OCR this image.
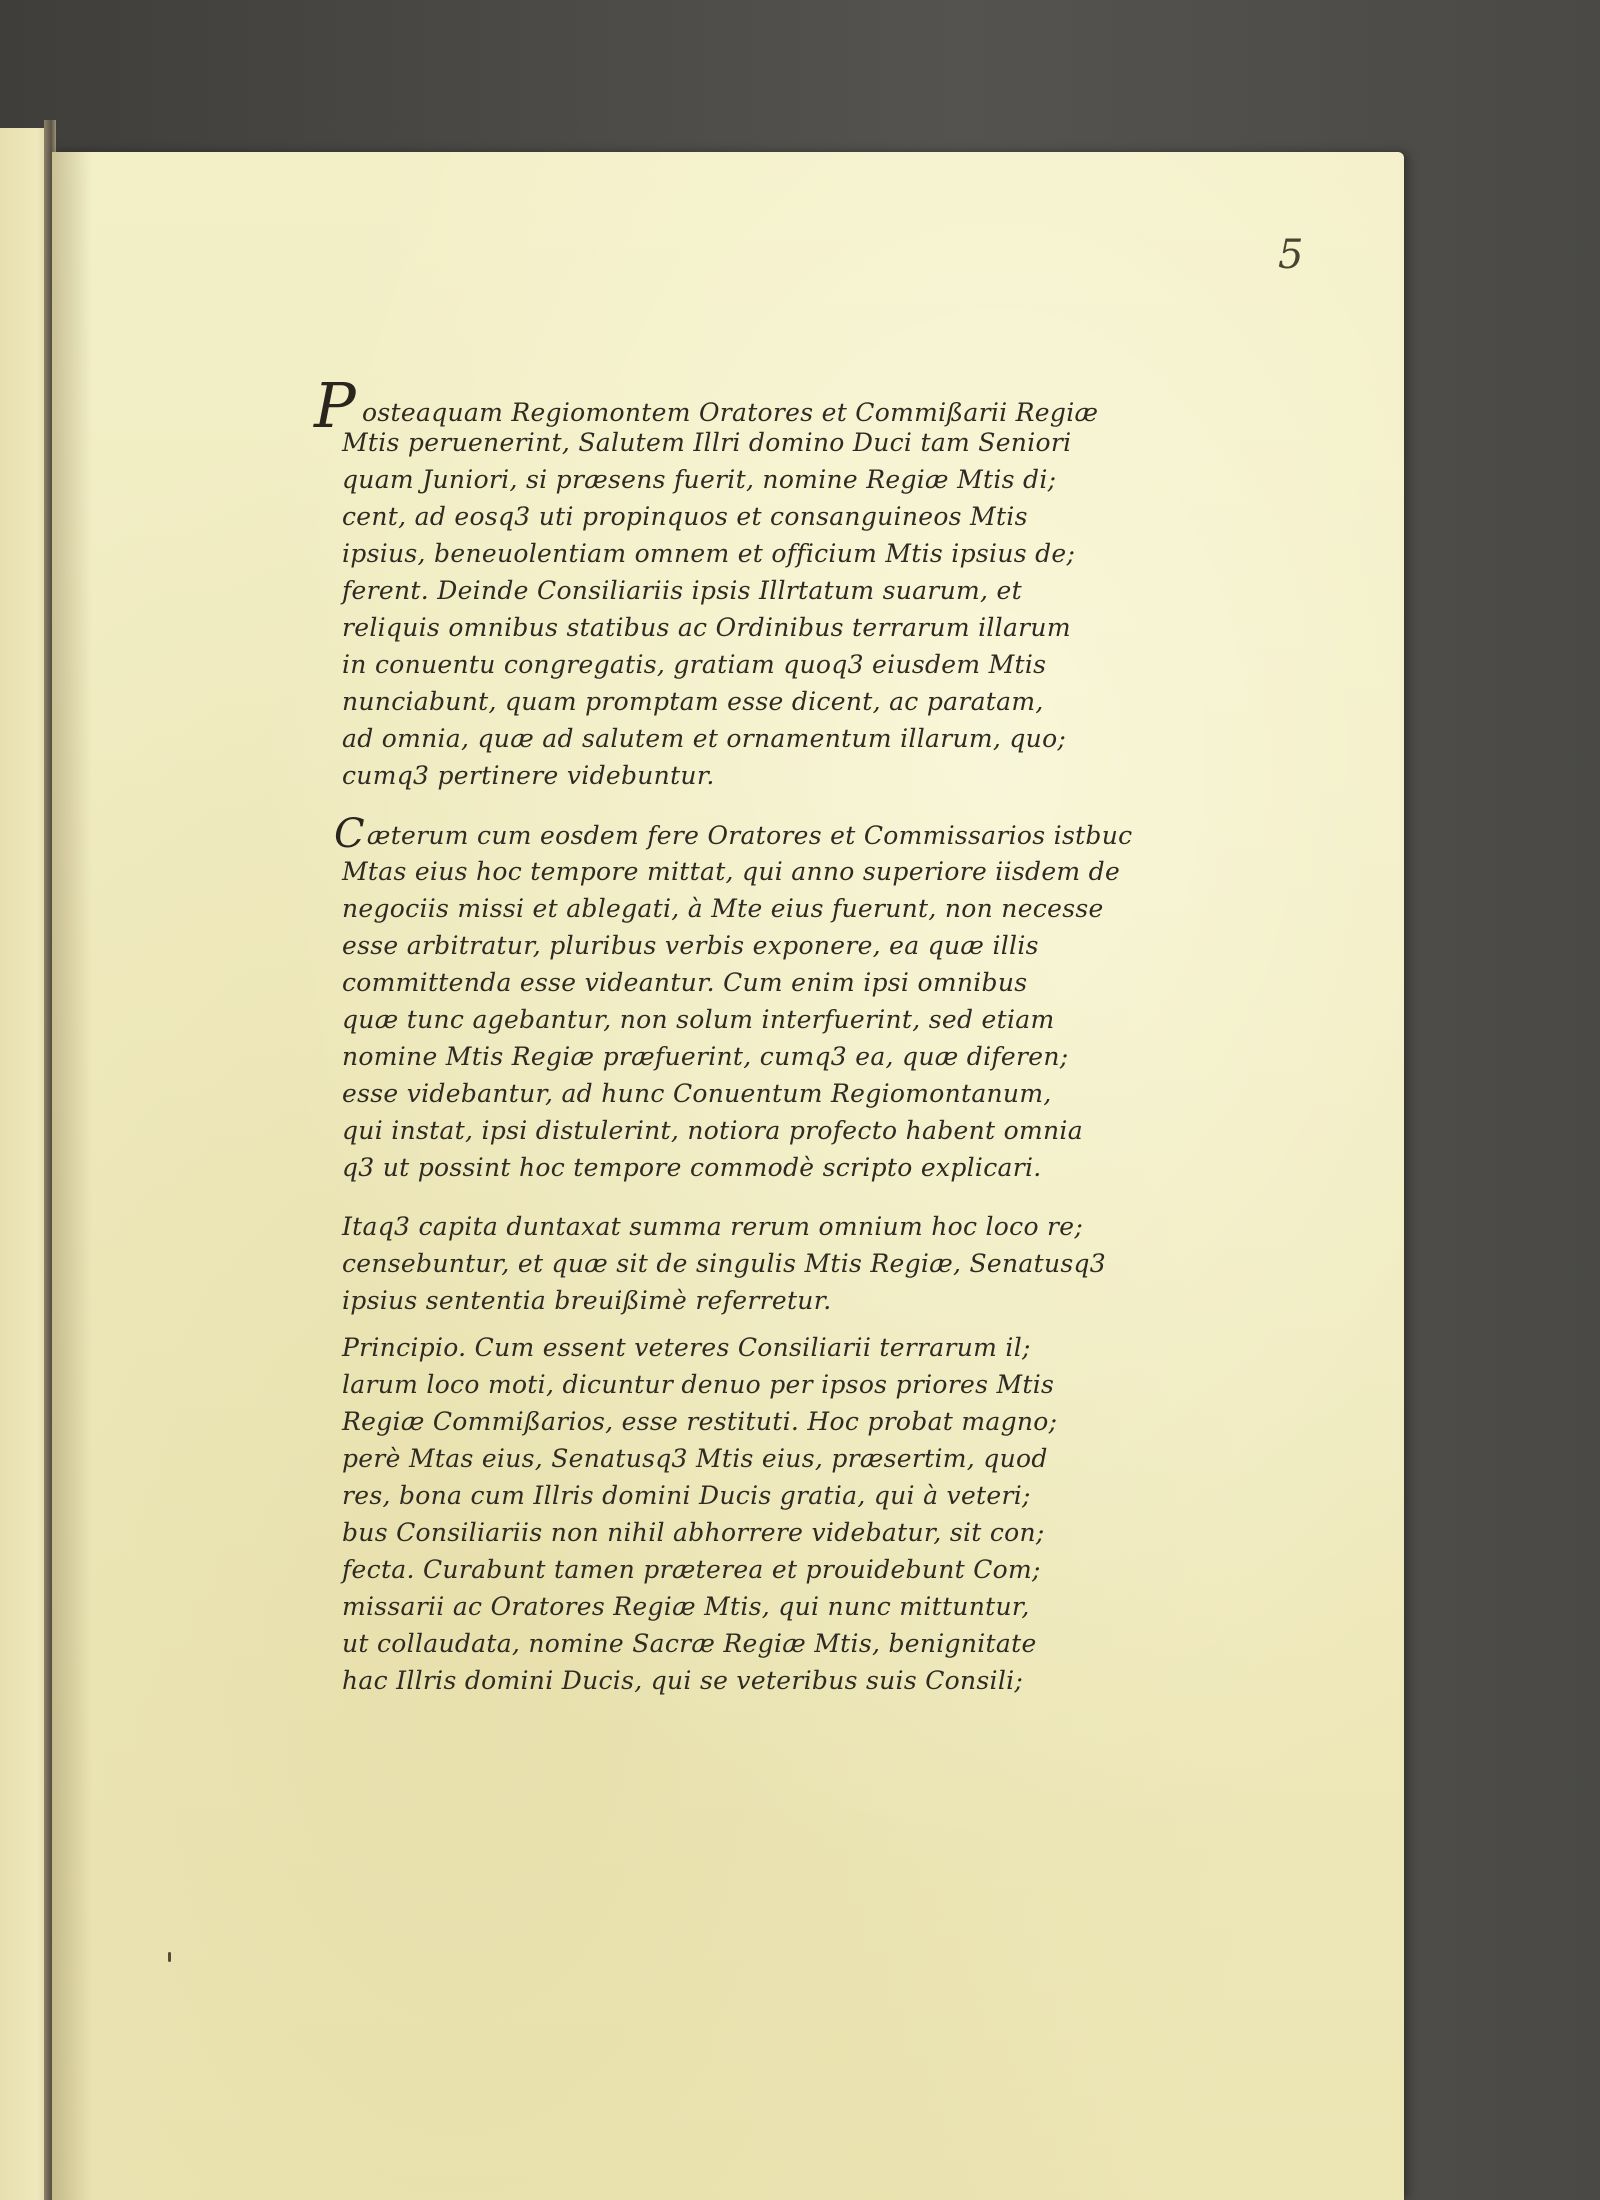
5
Posteaquam Regiomontem Oratores et Commißarii Regiæ
Mtis peruenerint, Salutem Illri domino Duci tam Seniori
quam Juniori, si præsens fuerit, nomine Regiæ Mtis di;
cent, ad eosq3 uti propinquos et consanguineos Mtis
ipsius, beneuolentiam omnem et officium Mtis ipsius de;
ferent. Deinde Consiliariis ipsis Illrtatum suarum, et
reliquis omnibus statibus ac Ordinibus terrarum illarum
in conuentu congregatis, gratiam quoq3 eiusdem Mtis
nunciabunt, quam promptam esse dicent, ac paratam,
ad omnia, quæ ad salutem et ornamentum illarum, quo;
cumq3 pertinere videbuntur.
Cæterum cum eosdem fere Oratores et Commissarios istbuc
Mtas eius hoc tempore mittat, qui anno superiore iisdem de
negociis missi et ablegati, à Mte eius fuerunt, non necesse
esse arbitratur, pluribus verbis exponere, ea quæ illis
committenda esse videantur. Cum enim ipsi omnibus
quæ tunc agebantur, non solum interfuerint, sed etiam
nomine Mtis Regiæ præfuerint, cumq3 ea, quæ diferen;
esse videbantur, ad hunc Conuentum Regiomontanum,
qui instat, ipsi distulerint, notiora profecto habent omnia
q3 ut possint hoc tempore commodè scripto explicari.
Itaq3 capita duntaxat summa rerum omnium hoc loco re;
censebuntur, et quæ sit de singulis Mtis Regiæ, Senatusq3
ipsius sententia breuißimè referretur.
Principio. Cum essent veteres Consiliarii terrarum il;
larum loco moti, dicuntur denuo per ipsos priores Mtis
Regiæ Commißarios, esse restituti. Hoc probat magno;
perè Mtas eius, Senatusq3 Mtis eius, præsertim, quod
res, bona cum Illris domini Ducis gratia, qui à veteri;
bus Consiliariis non nihil abhorrere videbatur, sit con;
fecta. Curabunt tamen præterea et prouidebunt Com;
missarii ac Oratores Regiæ Mtis, qui nunc mittuntur,
ut collaudata, nomine Sacræ Regiæ Mtis, benignitate
hac Illris domini Ducis, qui se veteribus suis Consili;
